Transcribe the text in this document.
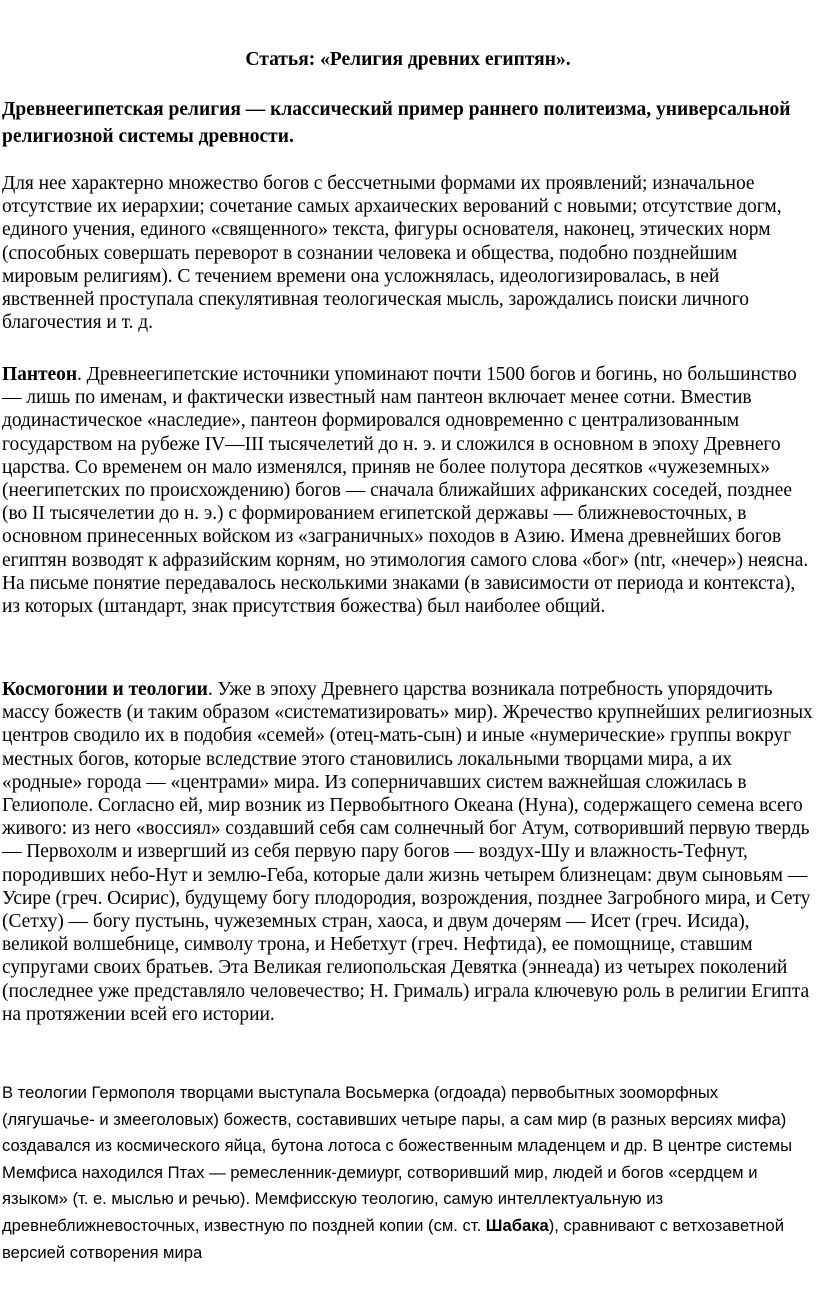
Статья: «Религия древних египтян».

Древнеегипетская религия — классический пример раннего политеизма, универсальной религиозной системы древности.

Для нее характерно множество богов с бессчетными формами их проявлений; изначальное отсутствие их иерархии; сочетание самых архаических верований с новыми; отсутствие догм, единого учения, единого «священного» текста, фигуры основателя, наконец, этических норм (способных совершать переворот в сознании человека и общества, подобно позднейшим мировым религиям). С течением времени она усложнялась, идеологизировалась, в ней явственней проступала спекулятивная теологическая мысль, зарождались поиски личного благочестия и т. д.

Пантеон. Древнеегипетские источники упоминают почти 1500 богов и богинь, но большинство — лишь по именам, и фактически известный нам пантеон включает менее сотни. Вместив додинастическое «наследие», пантеон формировался одновременно с централизованным государством на рубеже IV—III тысячелетий до н. э. и сложился в основном в эпоху Древнего царства. Со временем он мало изменялся, приняв не более полутора десятков «чужеземных» (неегипетских по происхождению) богов — сначала ближайших африканских соседей, позднее (во II тысячелетии до н. э.) с формированием египетской державы — ближневосточных, в основном принесенных войском из «заграничных» походов в Азию. Имена древнейших богов египтян возводят к афразийским корням, но этимология самого слова «бог» (ntr, «нечер») неясна. На письме понятие передавалось несколькими знаками (в зависимости от периода и контекста), из которых (штандарт, знак присутствия божества) был наиболее общий.

Космогонии и теологии. Уже в эпоху Древнего царства возникала потребность упорядочить массу божеств (и таким образом «систематизировать» мир). Жречество крупнейших религиозных центров сводило их в подобия «семей» (отец-мать-сын) и иные «нумерические» группы вокруг местных богов, которые вследствие этого становились локальными творцами мира, а их «родные» города — «центрами» мира. Из соперничавших систем важнейшая сложилась в Гелиополе. Согласно ей, мир возник из Первобытного Океана (Нуна), содержащего семена всего живого: из него «воссиял» создавший себя сам солнечный бог Атум, сотворивший первую твердь — Первохолм и извергший из себя первую пару богов — воздух-Шу и влажность-Тефнут, породивших небо-Нут и землю-Геба, которые дали жизнь четырем близнецам: двум сыновьям — Усире (греч. Осирис), будущему богу плодородия, возрождения, позднее Загробного мира, и Сету (Сетху) — богу пустынь, чужеземных стран, хаоса, и двум дочерям — Исет (греч. Исида), великой волшебнице, символу трона, и Небетхут (греч. Нефтида), ее помощнице, ставшим супругами своих братьев. Эта Великая гелиопольская Девятка (эннеада) из четырех поколений (последнее уже представляло человечество; Н. Грималь) играла ключевую роль в религии Египта на протяжении всей его истории.

В теологии Гермополя творцами выступала Восьмерка (огдоада) первобытных зооморфных (лягушачье- и змееголовых) божеств, составивших четыре пары, а сам мир (в разных версиях мифа) создавался из космического яйца, бутона лотоса с божественным младенцем и др. В центре системы Мемфиса находился Птах — ремесленник-демиург, сотворивший мир, людей и богов «сердцем и языком» (т. е. мыслью и речью). Мемфисскую теологию, самую интеллектуальную из древнеближневосточных, известную по поздней копии (см. ст. Шабака), сравнивают с ветхозаветной версией сотворения мира
